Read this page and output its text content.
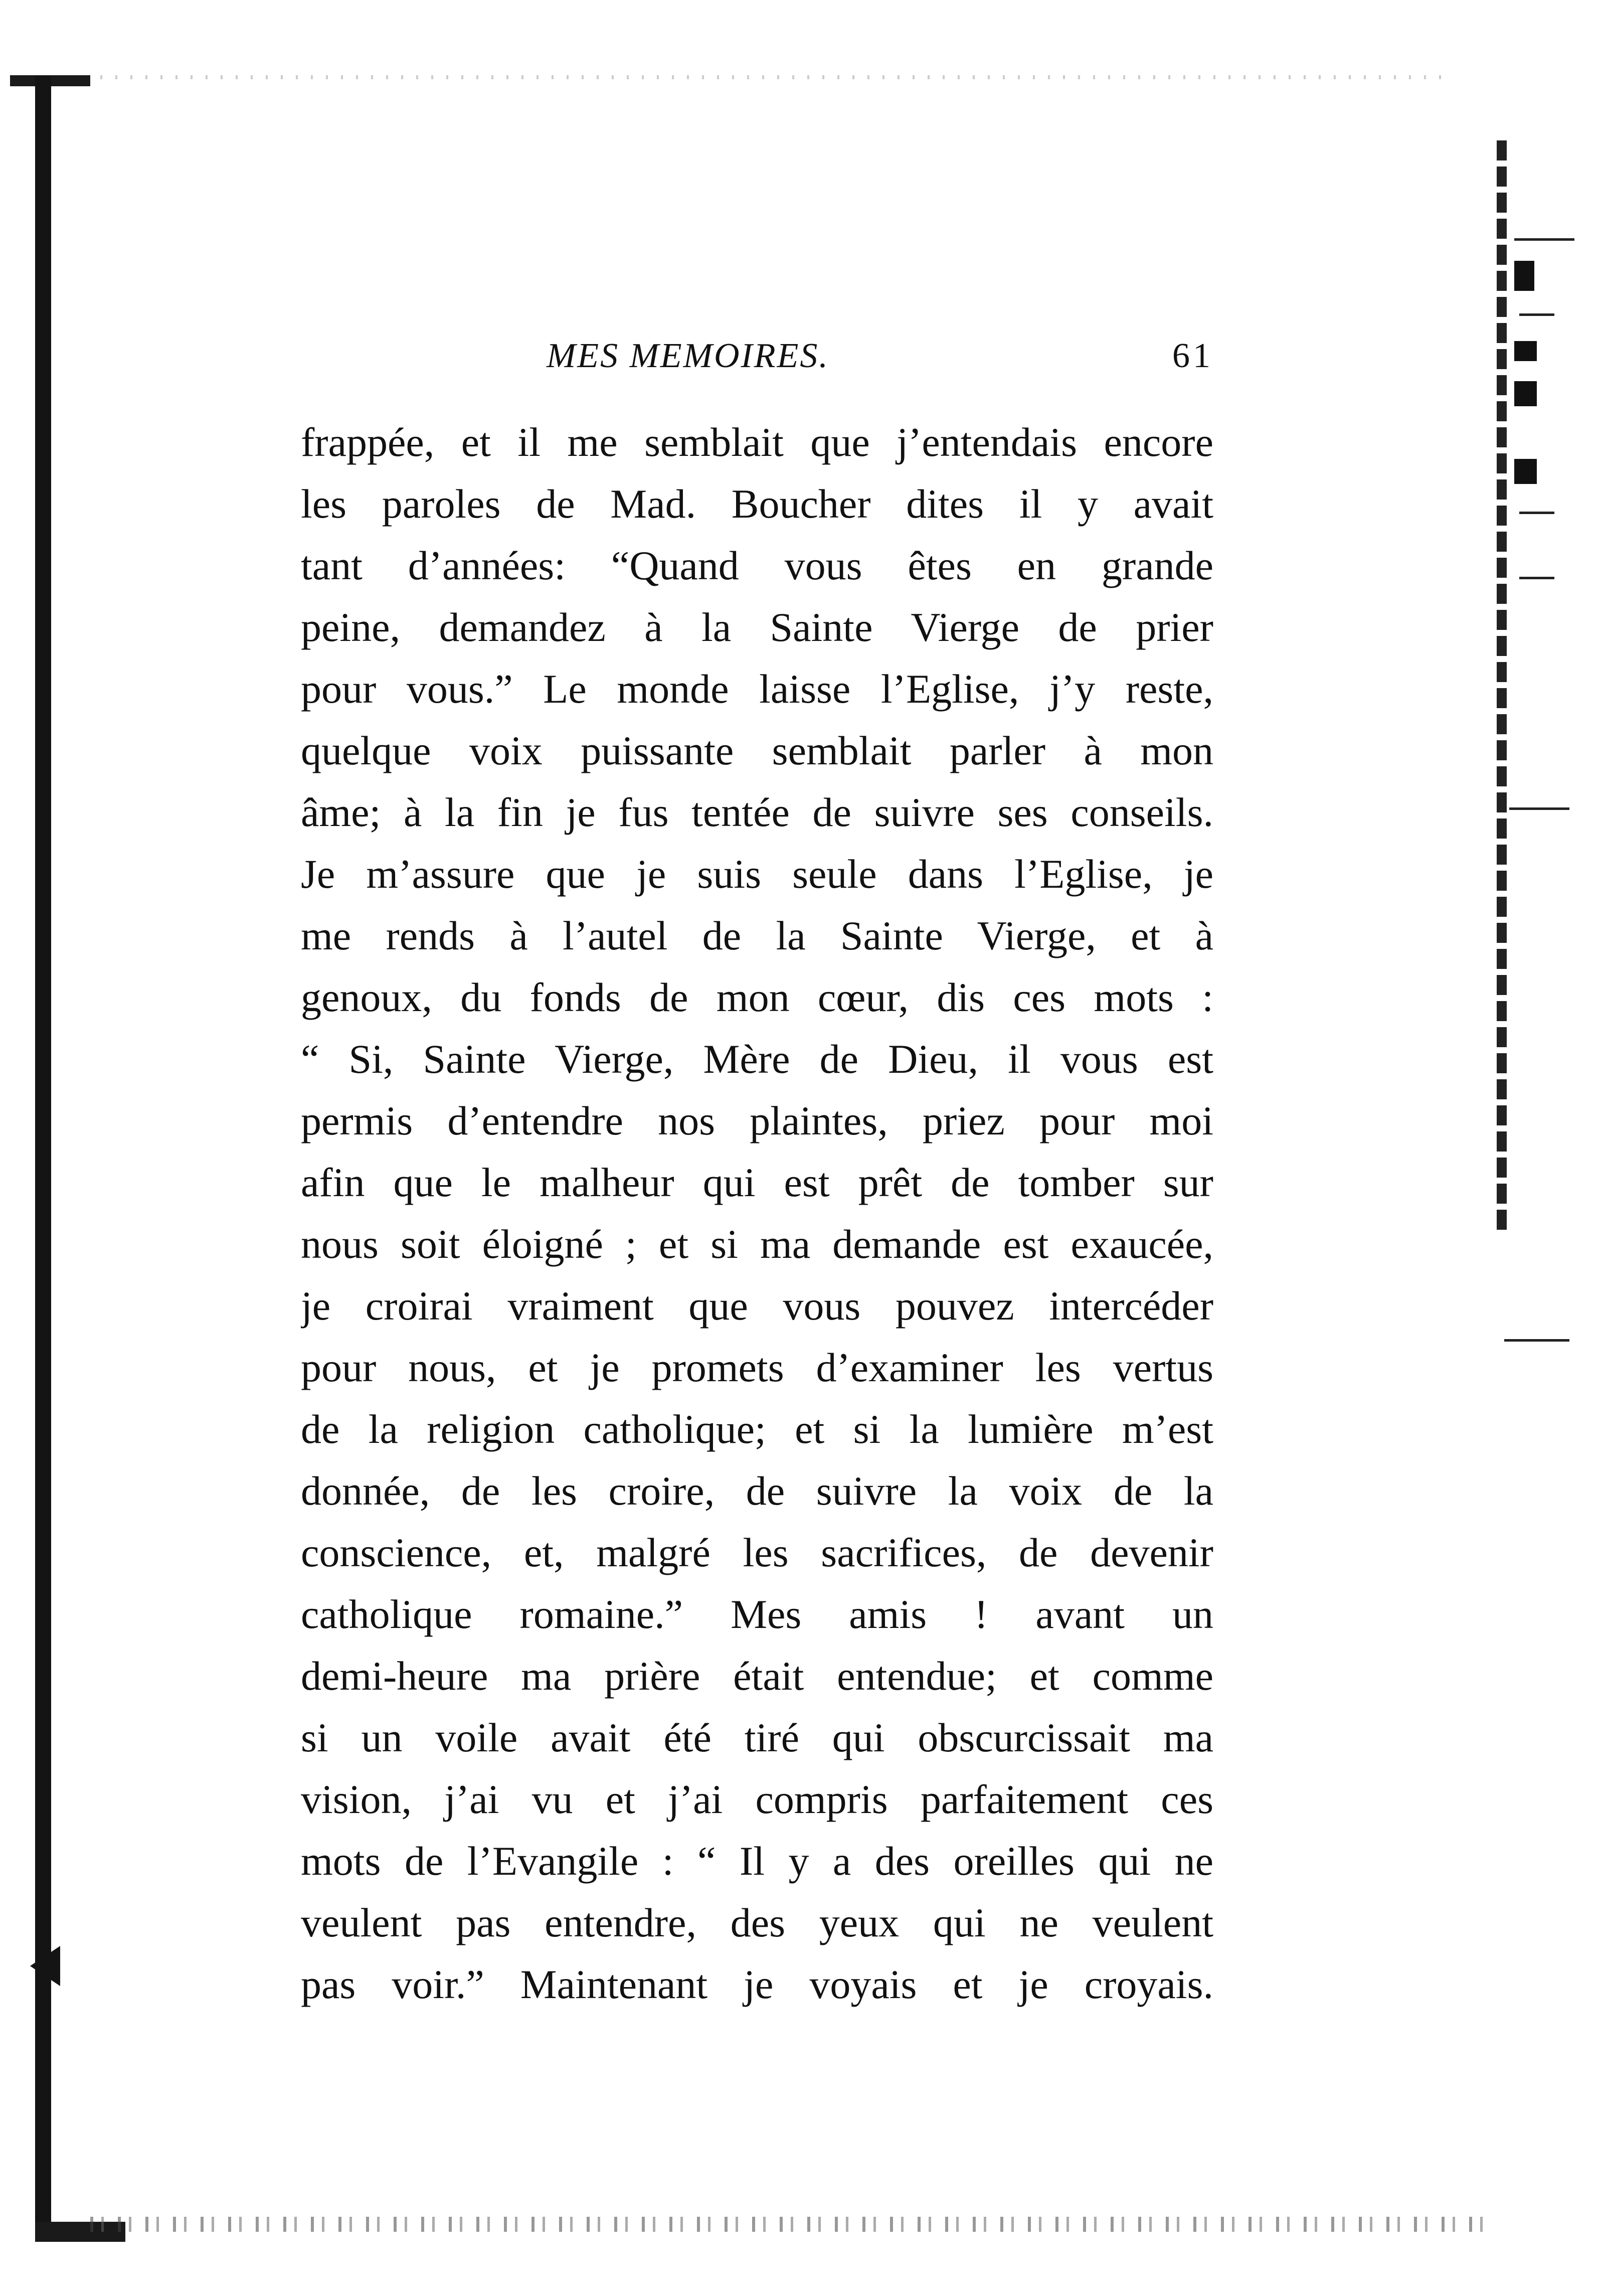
MES MEMOIRES.	61
frappée, et il me semblait que j’entendais encore
les paroles de Mad. Boucher dites il y avait
tant d’années: “Quand vous êtes en grande
peine, demandez à la Sainte Vierge de prier
pour vous.” Le monde laisse l’Eglise, j’y reste,
quelque voix puissante semblait parler à mon
âme; à la fin je fus tentée de suivre ses conseils.
Je m’assure que je suis seule dans l’Eglise, je
me rends à l’autel de la Sainte Vierge, et à
genoux, du fonds de mon cœur, dis ces mots :
“ Si, Sainte Vierge, Mère de Dieu, il vous est
permis d’entendre nos plaintes, priez pour moi
afin que le malheur qui est prêt de tomber sur
nous soit éloigné ; et si ma demande est exaucée,
je croirai vraiment que vous pouvez intercéder
pour nous, et je promets d’examiner les vertus
de la religion catholique; et si la lumière m’est
donnée, de les croire, de suivre la voix de la
conscience, et, malgré les sacrifices, de devenir
catholique romaine.” Mes amis ! avant un
demi-heure ma prière était entendue; et comme
si un voile avait été tiré qui obscurcissait ma
vision, j’ai vu et j’ai compris parfaitement ces
mots de l’Evangile : “ Il y a des oreilles qui ne
veulent pas entendre, des yeux qui ne veulent
pas voir.” Maintenant je voyais et je croyais.
